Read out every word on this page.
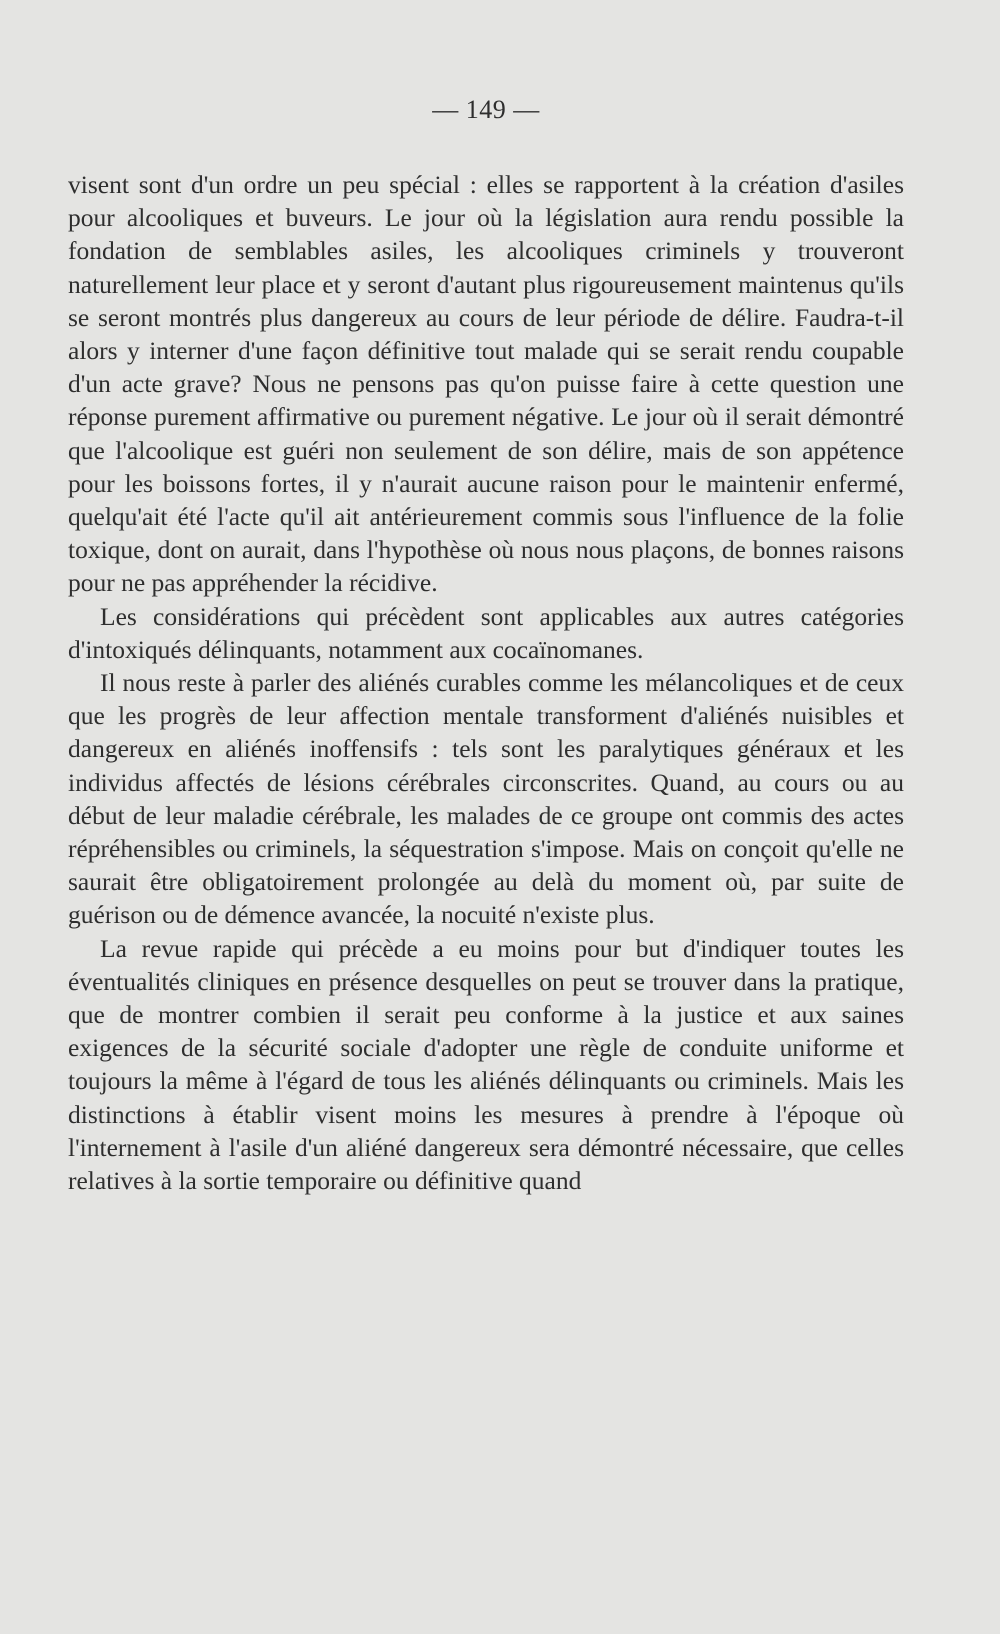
— 149 —

visent sont d'un ordre un peu spécial : elles se rapportent à la création d'asiles pour alcooliques et buveurs. Le jour où la législation aura rendu possible la fondation de semblables asiles, les alcooliques criminels y trouveront naturellement leur place et y seront d'autant plus rigoureusement maintenus qu'ils se seront montrés plus dangereux au cours de leur période de délire. Faudra-t-il alors y interner d'une façon définitive tout malade qui se serait rendu coupable d'un acte grave? Nous ne pensons pas qu'on puisse faire à cette question une réponse purement affirmative ou purement négative. Le jour où il serait démontré que l'alcoolique est guéri non seulement de son délire, mais de son appétence pour les boissons fortes, il y n'aurait aucune raison pour le maintenir enfermé, quelqu'ait été l'acte qu'il ait antérieurement commis sous l'influence de la folie toxique, dont on aurait, dans l'hypothèse où nous nous plaçons, de bonnes raisons pour ne pas appréhender la récidive.

Les considérations qui précèdent sont applicables aux autres catégories d'intoxiqués délinquants, notamment aux cocaïnomanes.

Il nous reste à parler des aliénés curables comme les mélancoliques et de ceux que les progrès de leur affection mentale transforment d'aliénés nuisibles et dangereux en aliénés inoffensifs : tels sont les paralytiques généraux et les individus affectés de lésions cérébrales circonscrites. Quand, au cours ou au début de leur maladie cérébrale, les malades de ce groupe ont commis des actes répréhensibles ou criminels, la séquestration s'impose. Mais on conçoit qu'elle ne saurait être obligatoirement prolongée au delà du moment où, par suite de guérison ou de démence avancée, la nocuité n'existe plus.

La revue rapide qui précède a eu moins pour but d'indiquer toutes les éventualités cliniques en présence desquelles on peut se trouver dans la pratique, que de montrer combien il serait peu conforme à la justice et aux saines exigences de la sécurité sociale d'adopter une règle de conduite uniforme et toujours la même à l'égard de tous les aliénés délinquants ou criminels. Mais les distinctions à établir visent moins les mesures à prendre à l'époque où l'internement à l'asile d'un aliéné dangereux sera démontré nécessaire, que celles relatives à la sortie temporaire ou définitive quand
